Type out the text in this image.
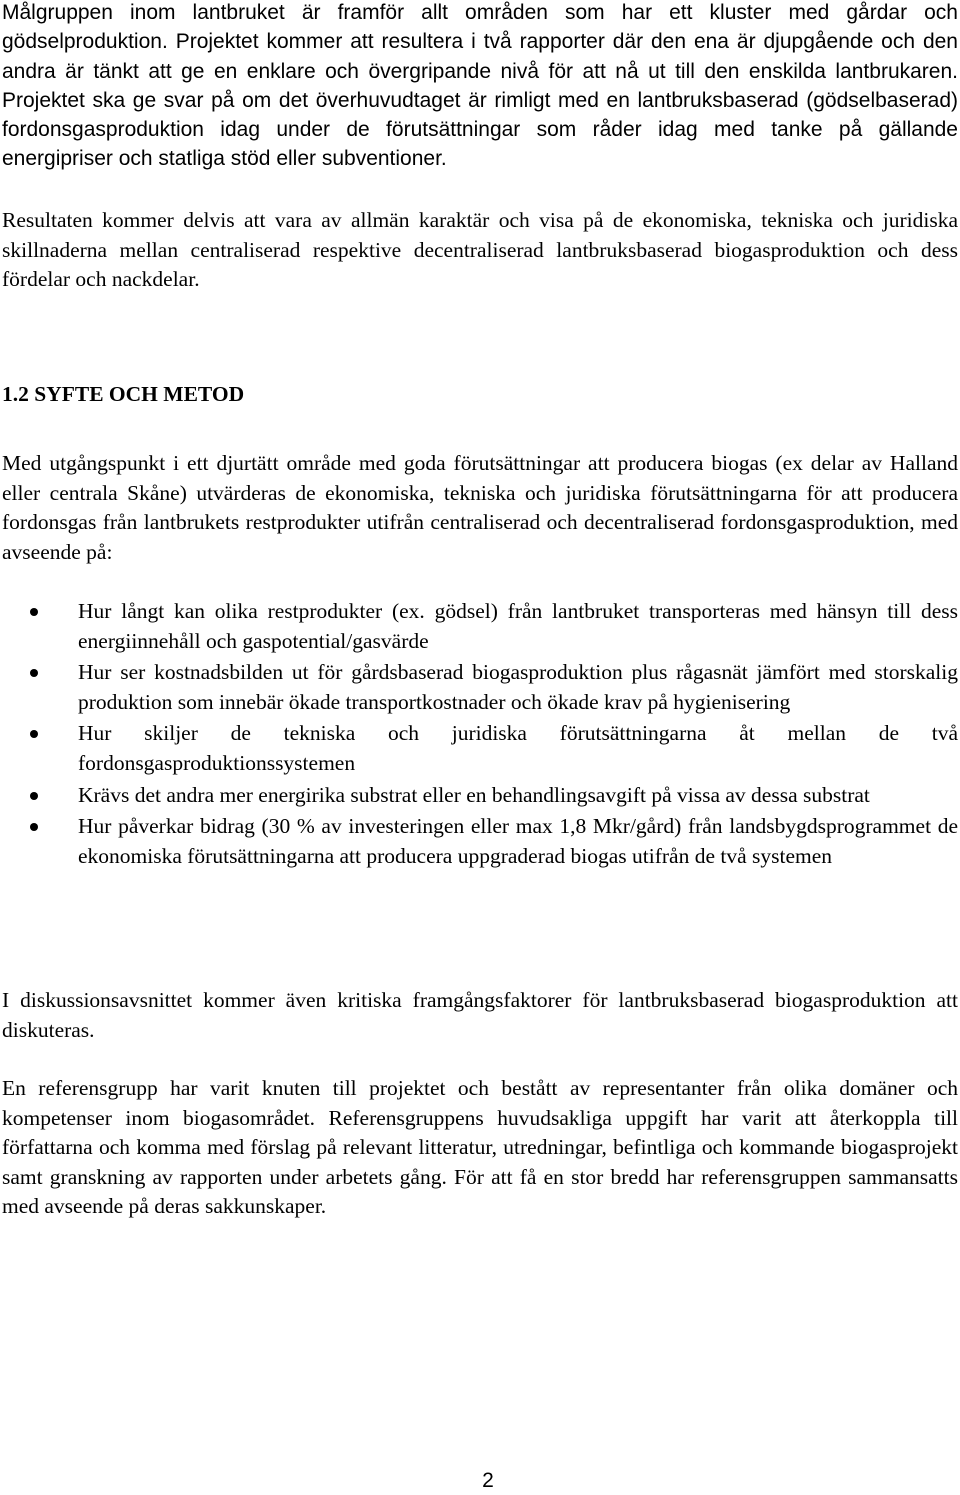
Målgruppen inom lantbruket är framför allt områden som har ett kluster med gårdar och gödselproduktion. Projektet kommer att resultera i två rapporter där den ena är djupgående och den andra är tänkt att ge en enklare och övergripande nivå för att nå ut till den enskilda lantbrukaren. Projektet ska ge svar på om det överhuvudtaget är rimligt med en lantbruksbaserad (gödselbaserad) fordonsgasproduktion idag under de förutsättningar som råder idag med tanke på gällande energipriser och statliga stöd eller subventioner.

Resultaten kommer delvis att vara av allmän karaktär och visa på de ekonomiska, tekniska och juridiska skillnaderna mellan centraliserad respektive decentraliserad lantbruksbaserad biogasproduktion och dess fördelar och nackdelar.

1.2 SYFTE OCH METOD

Med utgångspunkt i ett djurtätt område med goda förutsättningar att producera biogas (ex delar av Halland eller centrala Skåne) utvärderas de ekonomiska, tekniska och juridiska förutsättningarna för att producera fordonsgas från lantbrukets restprodukter utifrån centraliserad och decentraliserad fordonsgasproduktion, med avseende på:

Hur långt kan olika restprodukter (ex. gödsel) från lantbruket transporteras med hänsyn till dess energiinnehåll och gaspotential/gasvärde
Hur ser kostnadsbilden ut för gårdsbaserad biogasproduktion plus rågasnät jämfört med storskalig produktion som innebär ökade transportkostnader och ökade krav på hygienisering
Hur skiljer de tekniska och juridiska förutsättningarna åt mellan de två fordonsgasproduktionssystemen
Krävs det andra mer energirika substrat eller en behandlingsavgift på vissa av dessa substrat
Hur påverkar bidrag (30 % av investeringen eller max 1,8 Mkr/gård) från landsbygdsprogrammet de ekonomiska förutsättningarna att producera uppgraderad biogas utifrån de två systemen

I diskussionsavsnittet kommer även kritiska framgångsfaktorer för lantbruksbaserad biogasproduktion att diskuteras.

En referensgrupp har varit knuten till projektet och bestått av representanter från olika domäner och kompetenser inom biogasområdet. Referensgruppens huvudsakliga uppgift har varit att återkoppla till författarna och komma med förslag på relevant litteratur, utredningar, befintliga och kommande biogasprojekt samt granskning av rapporten under arbetets gång. För att få en stor bredd har referensgruppen sammansatts med avseende på deras sakkunskaper.

2
